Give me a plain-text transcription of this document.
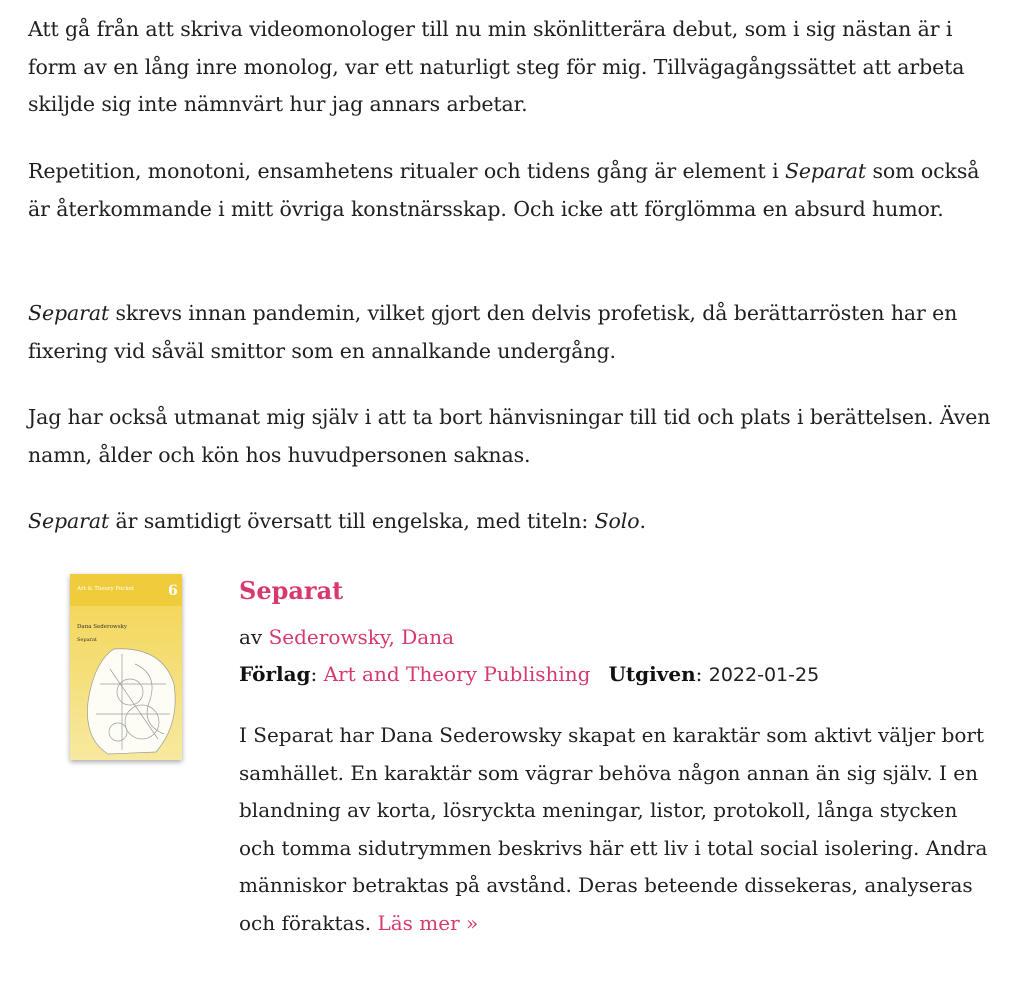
Att gå från att skriva videomonologer till nu min skönlitterära debut, som i sig nästan är i form av en lång inre monolog, var ett naturligt steg för mig. Tillvägagångssättet att arbeta skiljde sig inte nämnvärt hur jag annars arbetar.

Repetition, monotoni, ensamhetens ritualer och tidens gång är element i Separat som också är återkommande i mitt övriga konstnärsskap. Och icke att förglömma en absurd humor.

Separat skrevs innan pandemin, vilket gjort den delvis profetisk, då berättarrösten har en fixering vid såväl smittor som en annalkande undergång.

Jag har också utmanat mig själv i att ta bort hänvisningar till tid och plats i berättelsen. Även namn, ålder och kön hos huvudpersonen saknas.

Separat är samtidigt översatt till engelska, med titeln: Solo.

Art & Theory Pocket 6
Dana Sederowsky
Separat
Separat

av Sederowsky, Dana

Förlag: Art and Theory Publishing Utgiven: 2022-01-25

I Separat har Dana Sederowsky skapat en karaktär som aktivt väljer bort samhället. En karaktär som vägrar behöva någon annan än sig själv. I en blandning av korta, lösryckta meningar, listor, protokoll, långa stycken och tomma sidutrymmen beskrivs här ett liv i total social isolering. Andra människor betraktas på avstånd. Deras beteende dissekeras, analyseras och föraktas. Läs mer »
